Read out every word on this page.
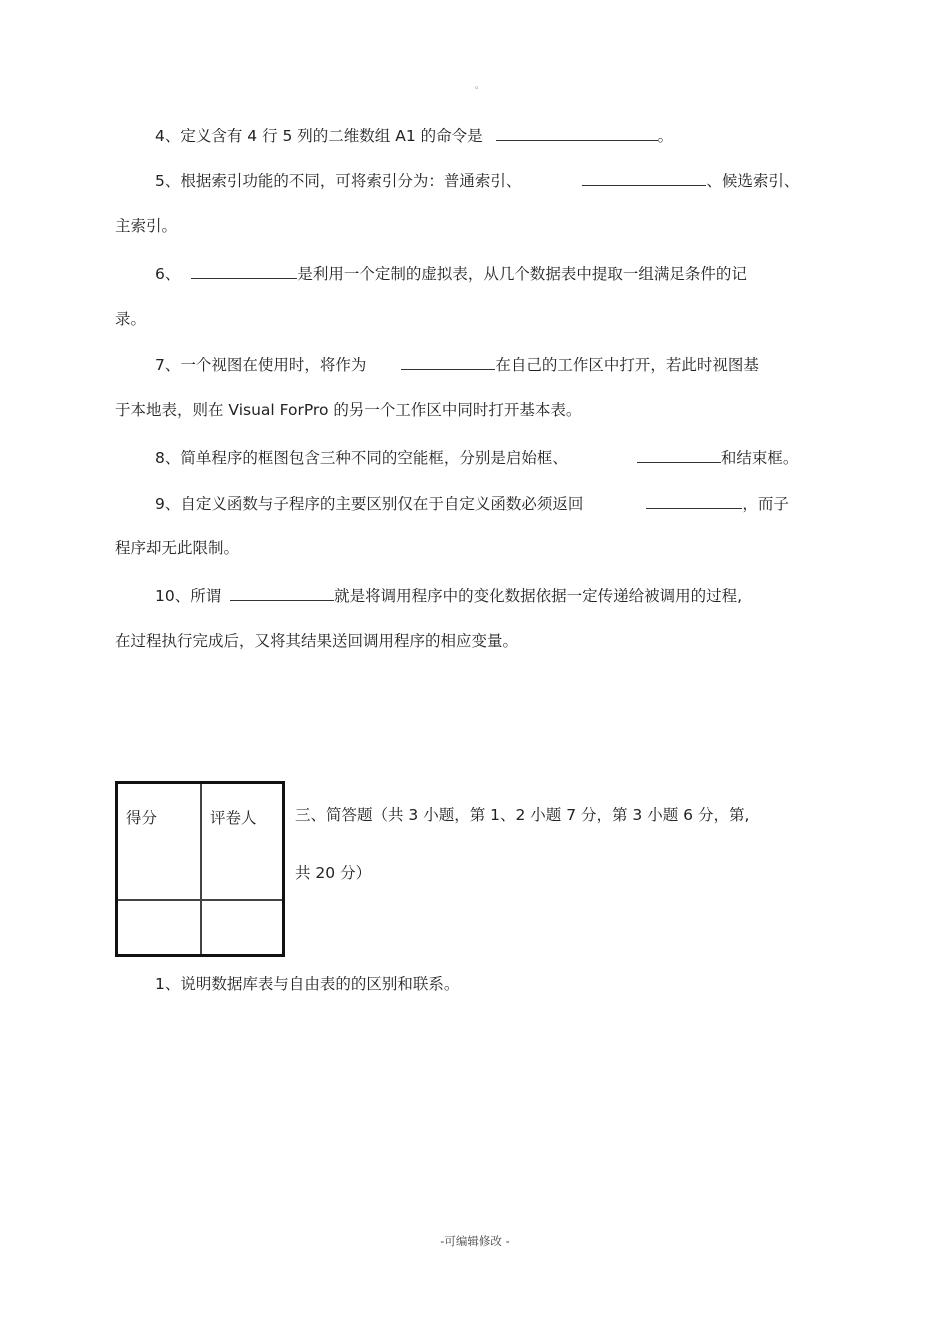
。
4、定义含有 4 行 5 列的二维数组 A1 的命令是	。
5、根据索引功能的不同，可将索引分为：普通索引、	、候选索引、
主索引。
6、	是利用一个定制的虚拟表，从几个数据表中提取一组满足条件的记
录。
7、一个视图在使用时，将作为	在自己的工作区中打开，若此时视图基
于本地表，则在 Visual ForPro 的另一个工作区中同时打开基本表。
8、简单程序的框图包含三种不同的空能框，分别是启始框、	和结束框。
9、自定义函数与子程序的主要区别仅在于自定义函数必须返回	，而子
程序却无此限制。
10、所谓	就是将调用程序中的变化数据依据一定传递给被调用的过程,
在过程执行完成后，又将其结果送回调用程序的相应变量。
得分	评卷人 三、简答题（共 3 小题，第 1、2 小题 7 分，第 3 小题 6 分，第,
共 20 分）
1、说明数据库表与自由表的的区别和联系。
-可编辑修改 -
